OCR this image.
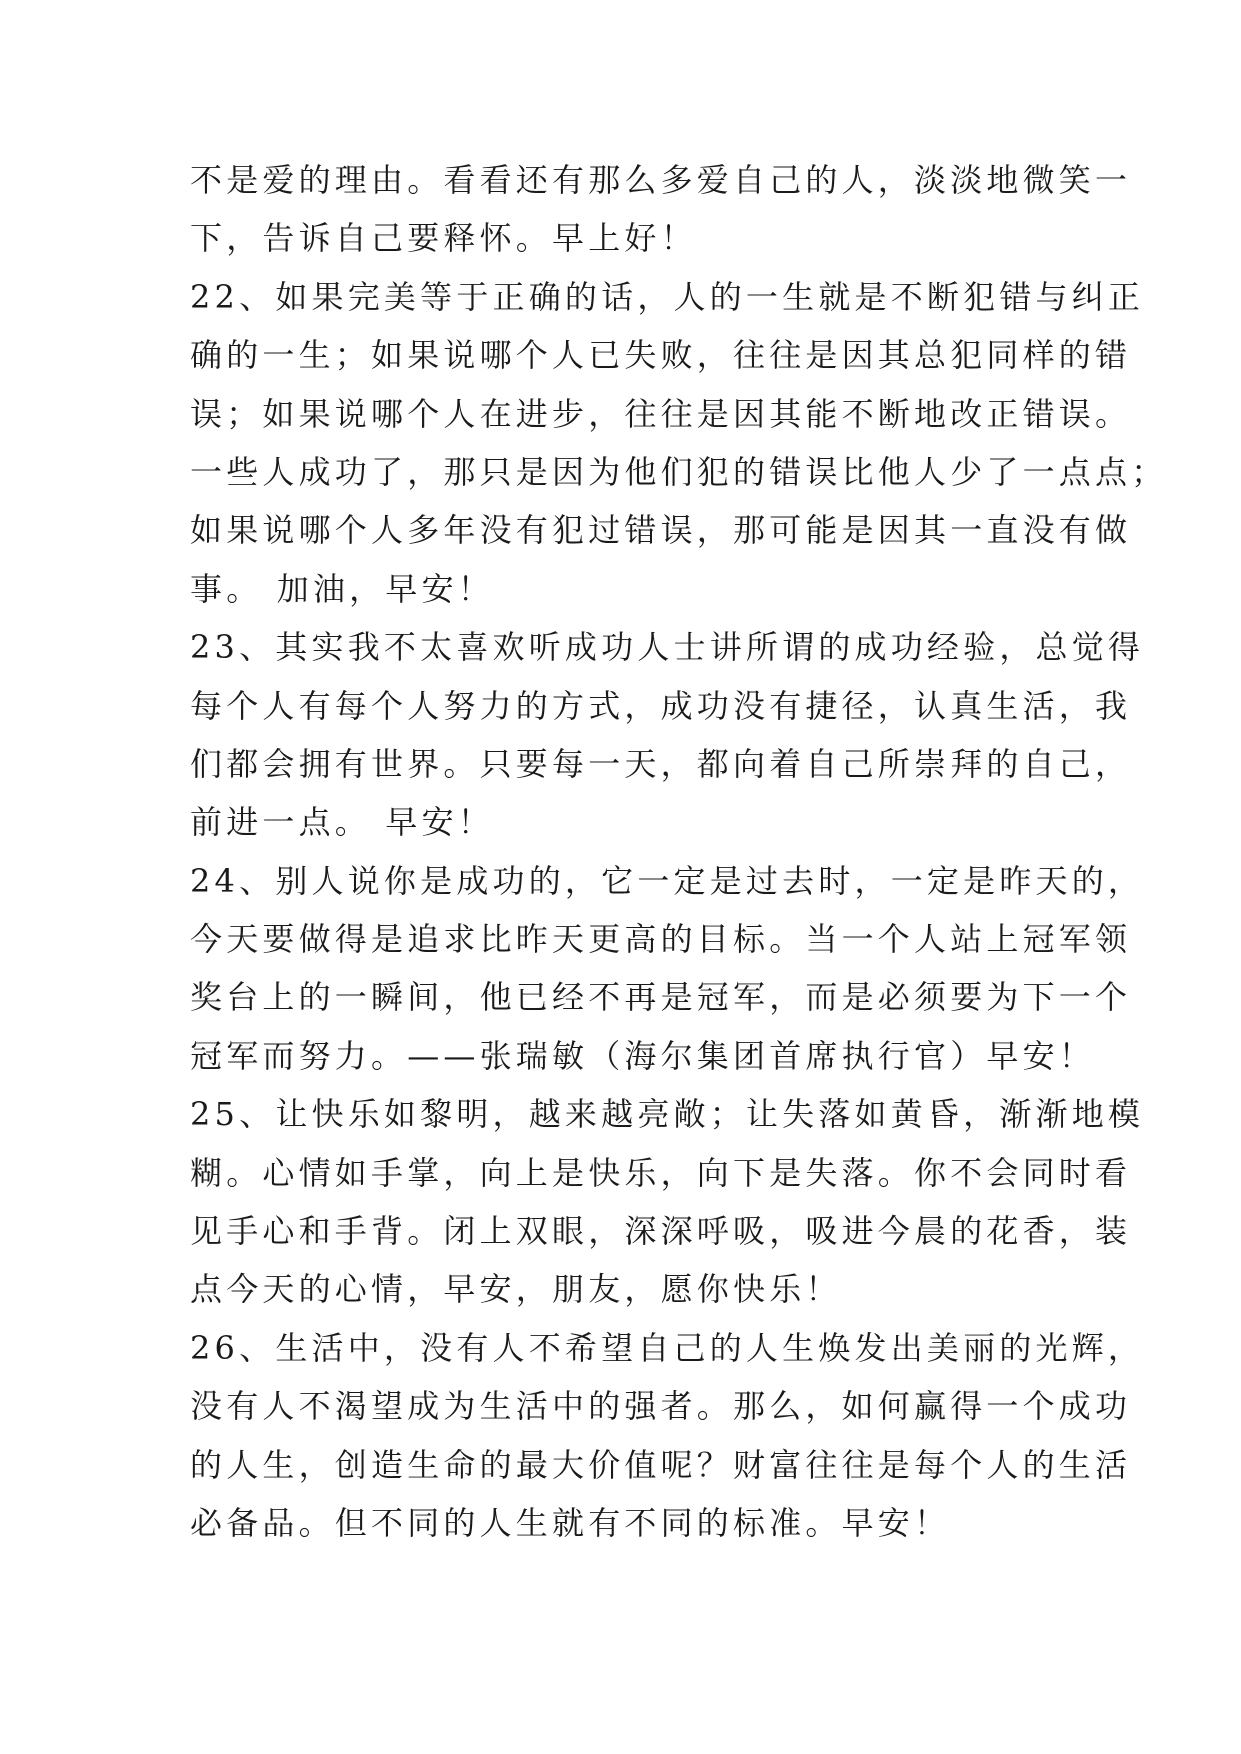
不是爱的理由。看看还有那么多爱自己的人，淡淡地微笑一
下，告诉自己要释怀。早上好！
22、如果完美等于正确的话，人的一生就是不断犯错与纠正
确的一生；如果说哪个人已失败，往往是因其总犯同样的错
误；如果说哪个人在进步，往往是因其能不断地改正错误。
一些人成功了，那只是因为他们犯的错误比他人少了一点点；
如果说哪个人多年没有犯过错误，那可能是因其一直没有做
事。 加油，早安！
23、其实我不太喜欢听成功人士讲所谓的成功经验，总觉得
每个人有每个人努力的方式，成功没有捷径，认真生活，我
们都会拥有世界。只要每一天，都向着自己所崇拜的自己，
前进一点。 早安！
24、别人说你是成功的，它一定是过去时，一定是昨天的，
今天要做得是追求比昨天更高的目标。当一个人站上冠军领
奖台上的一瞬间，他已经不再是冠军，而是必须要为下一个
冠军而努力。——张瑞敏（海尔集团首席执行官）早安！
25、让快乐如黎明，越来越亮敞；让失落如黄昏，渐渐地模
糊。心情如手掌，向上是快乐，向下是失落。你不会同时看
见手心和手背。闭上双眼，深深呼吸，吸进今晨的花香，装
点今天的心情，早安，朋友，愿你快乐！
26、生活中，没有人不希望自己的人生焕发出美丽的光辉，
没有人不渴望成为生活中的强者。那么，如何赢得一个成功
的人生，创造生命的最大价值呢？财富往往是每个人的生活
必备品。但不同的人生就有不同的标准。早安！
